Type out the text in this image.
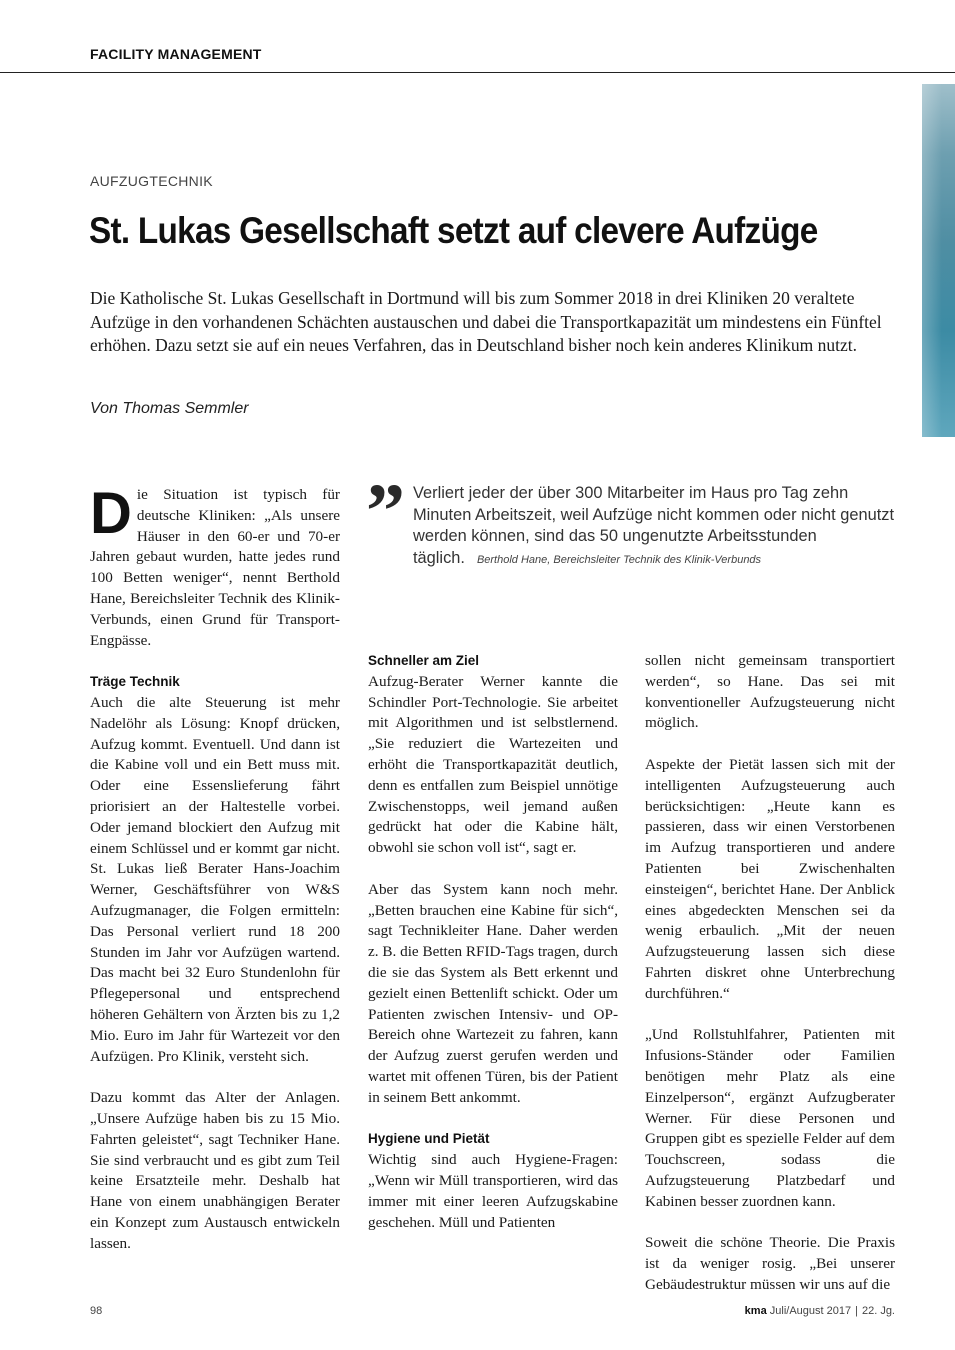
FACILITY MANAGEMENT
AUFZUGTECHNIK
St. Lukas Gesellschaft setzt auf clevere Aufzüge

Die Katholische St. Lukas Gesellschaft in Dortmund will bis zum Sommer 2018 in drei Kliniken 20 veraltete Aufzüge in den vorhandenen Schächten austauschen und dabei die Transportkapazität um mindestens ein Fünftel erhöhen. Dazu setzt sie auf ein neues Verfahren, das in Deutschland bisher noch kein anderes Klinikum nutzt.

Von Thomas Semmler
” Verliert jeder der über 300 Mitarbeiter im Haus pro Tag zehn Minuten Arbeitszeit, weil Aufzüge nicht kommen oder nicht genutzt werden können, sind das 50 ungenutzte Arbeitsstunden täglich. Berthold Hane, Bereichsleiter Technik des Klinik-Verbunds

Die Situation ist typisch für deutsche Kliniken: „Als unsere Häuser in den 60-er und 70-er Jahren gebaut wurden, hatte jedes rund 100 Betten weniger“, nennt Berthold Hane, Bereichsleiter Technik des Klinik-Verbunds, einen Grund für Transport-Engpässe.

Träge Technik

Auch die alte Steuerung ist mehr Nadelöhr als Lösung: Knopf drücken, Aufzug kommt. Eventuell. Und dann ist die Kabine voll und ein Bett muss mit. Oder eine Essenslieferung fährt priorisiert an der Haltestelle vorbei. Oder jemand blockiert den Aufzug mit einem Schlüssel und er kommt gar nicht. St. Lukas ließ Berater Hans-Joachim Werner, Geschäftsführer von W&S Aufzugmanager, die Folgen ermitteln: Das Personal verliert rund 18 200 Stunden im Jahr vor Aufzügen wartend. Das macht bei 32 Euro Stundenlohn für Pflegepersonal und entsprechend höheren Gehältern von Ärzten bis zu 1,2 Mio. Euro im Jahr für Wartezeit vor den Aufzügen. Pro Klinik, versteht sich.

Dazu kommt das Alter der Anlagen. „Unsere Aufzüge haben bis zu 15 Mio. Fahrten geleistet“, sagt Techniker Hane. Sie sind verbraucht und es gibt zum Teil keine Ersatzteile mehr. Deshalb hat Hane von einem unabhängigen Berater ein Konzept zum Austausch entwickeln lassen.

Schneller am Ziel

Aufzug-Berater Werner kannte die Schindler Port-Technologie. Sie arbeitet mit Algorithmen und ist selbstlernend. „Sie reduziert die Wartezeiten und erhöht die Transportkapazität deutlich, denn es entfallen zum Beispiel unnötige Zwischenstopps, weil jemand außen gedrückt hat oder die Kabine hält, obwohl sie schon voll ist“, sagt er.

Aber das System kann noch mehr. „Betten brauchen eine Kabine für sich“, sagt Technikleiter Hane. Daher werden z. B. die Betten RFID-Tags tragen, durch die sie das System als Bett erkennt und gezielt einen Bettenlift schickt. Oder um Patienten zwischen Intensiv- und OP-Bereich ohne Wartezeit zu fahren, kann der Aufzug zuerst gerufen werden und wartet mit offenen Türen, bis der Patient in seinem Bett ankommt.

Hygiene und Pietät

Wichtig sind auch Hygiene-Fragen: „Wenn wir Müll transportieren, wird das immer mit einer leeren Aufzugskabine geschehen. Müll und Patienten

sollen nicht gemeinsam transportiert werden“, so Hane. Das sei mit konventioneller Aufzugsteuerung nicht möglich.

Aspekte der Pietät lassen sich mit der intelligenten Aufzugsteuerung auch berücksichtigen: „Heute kann es passieren, dass wir einen Verstorbenen im Aufzug transportieren und andere Patienten bei Zwischenhalten einsteigen“, berichtet Hane. Der Anblick eines abgedeckten Menschen sei da wenig erbaulich. „Mit der neuen Aufzugsteuerung lassen sich diese Fahrten diskret ohne Unterbrechung durchführen.“

„Und Rollstuhlfahrer, Patienten mit Infusions-Ständer oder Familien benötigen mehr Platz als eine Einzelperson“, ergänzt Aufzugberater Werner. Für diese Personen und Gruppen gibt es spezielle Felder auf dem Touchscreen, sodass die Aufzugsteuerung Platzbedarf und Kabinen besser zuordnen kann.

Soweit die schöne Theorie. Die Praxis ist da weniger rosig. „Bei unserer Gebäudestruktur müssen wir uns auf die

98	kma Juli/August 2017 | 22. Jg.
